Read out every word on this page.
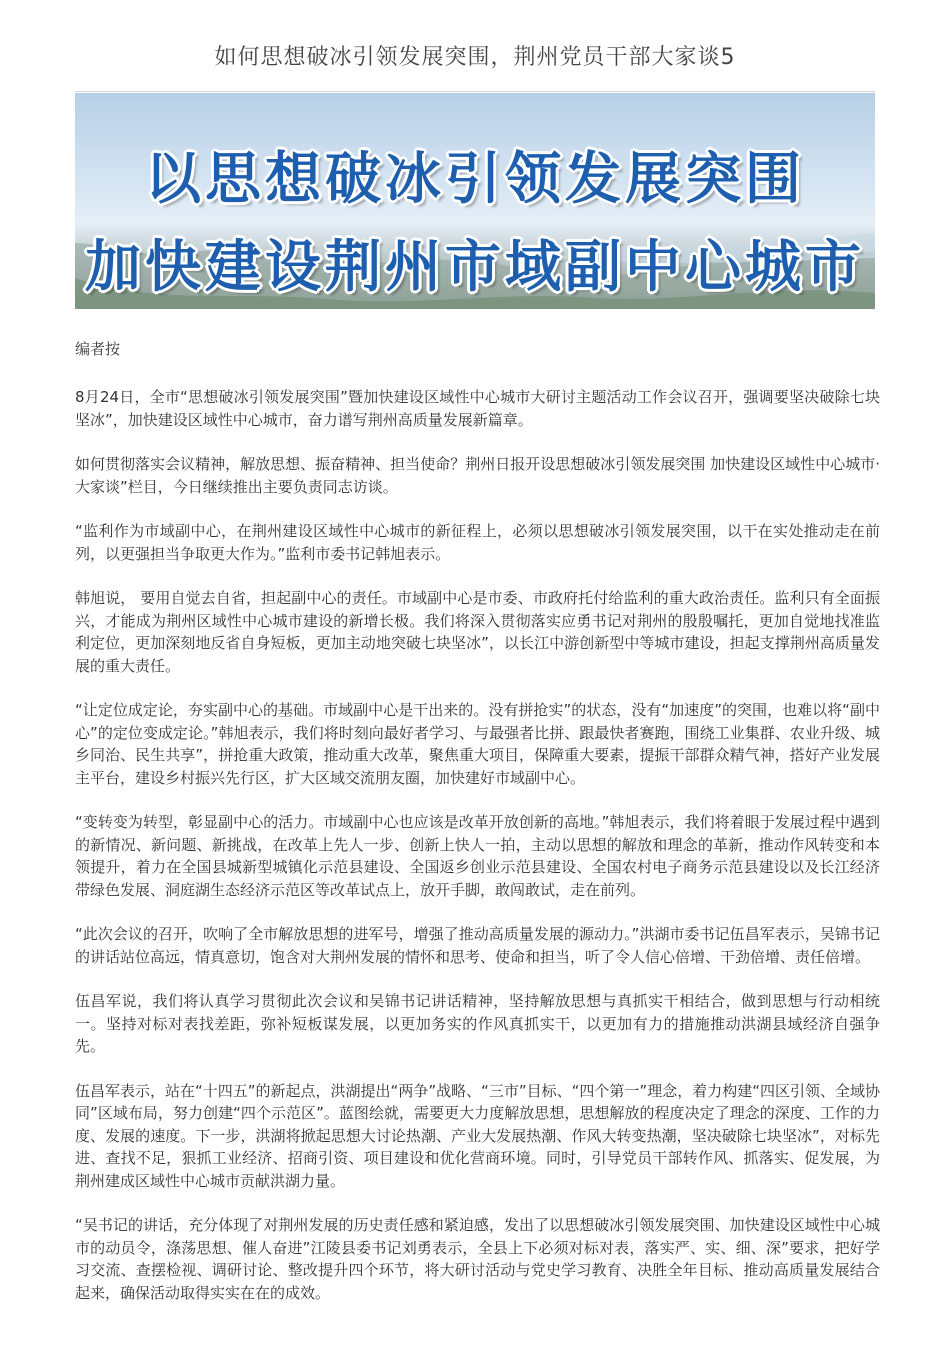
如何思想破冰引领发展突围，荆州党员干部大家谈5
以思想破冰引领发展突围
加快建设荆州市域副中心城市

编者按

8月24日，全市“思想破冰引领发展突围”暨加快建设区域性中心城市大研讨主题活动工作会议召开，强调要坚决破除七块坚冰”，加快建设区域性中心城市，奋力谱写荆州高质量发展新篇章。

如何贯彻落实会议精神，解放思想、振奋精神、担当使命？荆州日报开设思想破冰引领发展突围 加快建设区域性中心城市·大家谈”栏目，今日继续推出主要负责同志访谈。

“监利作为市域副中心，在荆州建设区域性中心城市的新征程上，必须以思想破冰引领发展突围，以干在实处推动走在前列，以更强担当争取更大作为。”监利市委书记韩旭表示。

韩旭说， 要用自觉去自省，担起副中心的责任。市域副中心是市委、市政府托付给监利的重大政治责任。监利只有全面振兴，才能成为荆州区域性中心城市建设的新增长极。我们将深入贯彻落实应勇书记对荆州的殷殷嘱托，更加自觉地找准监利定位，更加深刻地反省自身短板，更加主动地突破七块坚冰”，以长江中游创新型中等城市建设，担起支撑荆州高质量发展的重大责任。

“让定位成定论，夯实副中心的基础。市域副中心是干出来的。没有拼抢实”的状态，没有“加速度”的突围，也难以将“副中心”的定位变成定论。”韩旭表示，我们将时刻向最好者学习、与最强者比拼、跟最快者赛跑，围绕工业集群、农业升级、城乡同治、民生共享”，拼抢重大政策，推动重大改革，聚焦重大项目，保障重大要素，提振干部群众精气神，搭好产业发展主平台，建设乡村振兴先行区，扩大区域交流朋友圈，加快建好市域副中心。

“变转变为转型，彰显副中心的活力。市域副中心也应该是改革开放创新的高地。”韩旭表示，我们将着眼于发展过程中遇到的新情况、新问题、新挑战，在改革上先人一步、创新上快人一拍，主动以思想的解放和理念的革新，推动作风转变和本领提升，着力在全国县城新型城镇化示范县建设、全国返乡创业示范县建设、全国农村电子商务示范县建设以及长江经济带绿色发展、洞庭湖生态经济示范区等改革试点上，放开手脚，敢闯敢试，走在前列。

“此次会议的召开，吹响了全市解放思想的进军号，增强了推动高质量发展的源动力。”洪湖市委书记伍昌军表示，吴锦书记的讲话站位高远，情真意切，饱含对大荆州发展的情怀和思考、使命和担当，听了令人信心倍增、干劲倍增、责任倍增。

伍昌军说，我们将认真学习贯彻此次会议和吴锦书记讲话精神，坚持解放思想与真抓实干相结合，做到思想与行动相统一。坚持对标对表找差距，弥补短板谋发展，以更加务实的作风真抓实干，以更加有力的措施推动洪湖县域经济自强争先。

伍昌军表示，站在“十四五”的新起点，洪湖提出“两争”战略、“三市”目标、“四个第一”理念，着力构建“四区引领、全域协同”区域布局，努力创建“四个示范区”。蓝图绘就，需要更大力度解放思想，思想解放的程度决定了理念的深度、工作的力度、发展的速度。下一步，洪湖将掀起思想大讨论热潮、产业大发展热潮、作风大转变热潮，坚决破除七块坚冰”，对标先进、查找不足，狠抓工业经济、招商引资、项目建设和优化营商环境。同时，引导党员干部转作风、抓落实、促发展，为荆州建成区域性中心城市贡献洪湖力量。

“吴书记的讲话，充分体现了对荆州发展的历史责任感和紧迫感，发出了以思想破冰引领发展突围、加快建设区域性中心城市的动员令，涤荡思想、催人奋进”江陵县委书记刘勇表示，全县上下必须对标对表，落实严、实、细、深”要求，把好学习交流、查摆检视、调研讨论、整改提升四个环节，将大研讨活动与党史学习教育、决胜全年目标、推动高质量发展结合起来，确保活动取得实实在在的成效。
